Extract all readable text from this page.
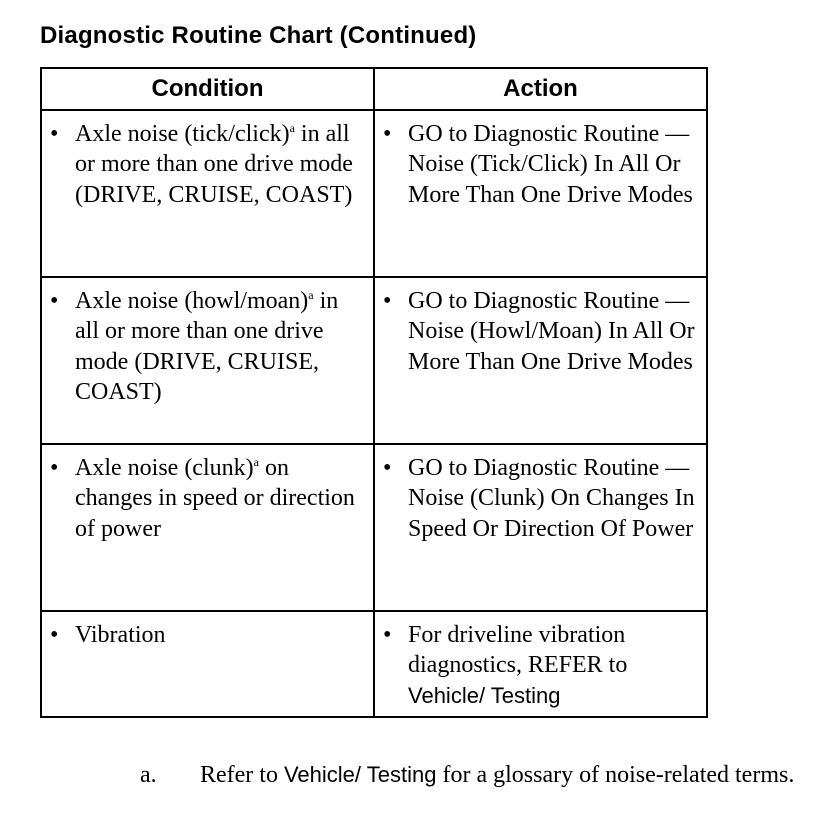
Diagnostic Routine Chart (Continued)
Condition	Action

• Axle noise (tick/click)$^a$ in all or more than one drive mode (DRIVE, CRUISE, COAST)	• GO to Diagnostic Routine — Noise (Tick/Click) In All Or More Than One Drive Modes

• Axle noise (howl/moan)$^a$ in all or more than one drive mode (DRIVE, CRUISE, COAST)	• GO to Diagnostic Routine — Noise (Howl/Moan) In All Or More Than One Drive Modes

• Axle noise (clunk)$^a$ on changes in speed or direction of power	• GO to Diagnostic Routine — Noise (Clunk) On Changes In Speed Or Direction Of Power

• Vibration	• For driveline vibration diagnostics, REFER to Vehicle/ Testing
a. Refer to Vehicle/ Testing for a glossary of noise-related terms.
